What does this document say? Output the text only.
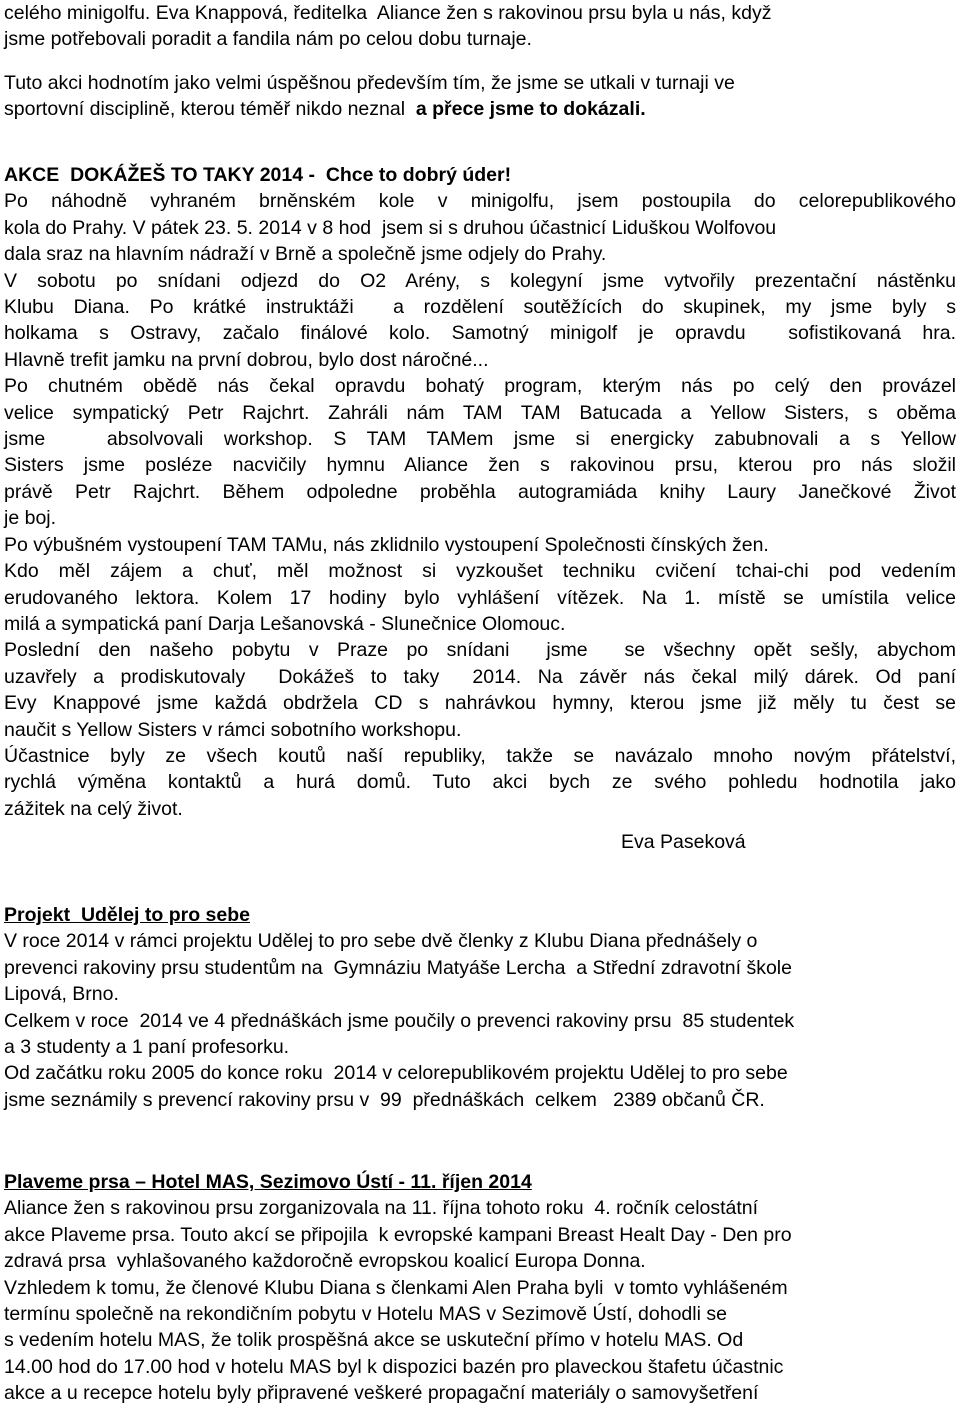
celého minigolfu. Eva Knappová, ředitelka  Aliance žen s rakovinou prsu byla u nás, když
jsme potřebovali poradit a fandila nám po celou dobu turnaje.
Tuto akci hodnotím jako velmi úspěšnou především tím, že jsme se utkali v turnaji ve
sportovní disciplině, kterou téměř nikdo neznal  a přece jsme to dokázali.
AKCE  DOKÁŽEŠ TO TAKY 2014 -  Chce to dobrý úder!
Po náhodně vyhraném brněnském kole v minigolfu, jsem postoupila do celorepublikového
kola do Prahy. V pátek 23. 5. 2014 v 8 hod  jsem si s druhou účastnicí Liduškou Wolfovou
dala sraz na hlavním nádraží v Brně a společně jsme odjely do Prahy.
V sobotu po snídani odjezd do O2 Arény, s kolegyní jsme vytvořily prezentační nástěnku
Klubu Diana. Po krátké instruktáži  a rozdělení soutěžících do skupinek, my jsme byly s
holkama s Ostravy, začalo finálové kolo. Samotný minigolf je opravdu  sofistikovaná hra.
Hlavně trefit jamku na první dobrou, bylo dost náročné...
Po chutném obědě nás čekal opravdu bohatý program, kterým nás po celý den provázel
velice sympatický Petr Rajchrt. Zahráli nám TAM TAM Batucada a Yellow Sisters, s oběma
jsme   absolvovali workshop. S TAM TAMem jsme si energicky zabubnovali a s Yellow
Sisters jsme posléze nacvičily hymnu Aliance žen s rakovinou prsu, kterou pro nás složil
právě Petr Rajchrt. Během odpoledne proběhla autogramiáda knihy Laury Janečkové Život
je boj.
Po výbušném vystoupení TAM TAMu, nás zklidnilo vystoupení Společnosti čínských žen.
Kdo měl zájem a chuť, měl možnost si vyzkoušet techniku cvičení tchai-chi pod vedením
erudovaného lektora. Kolem 17 hodiny bylo vyhlášení vítězek. Na 1. místě se umístila velice
milá a sympatická paní Darja Lešanovská - Slunečnice Olomouc.
Poslední den našeho pobytu v Praze po snídani  jsme  se všechny opět sešly, abychom
uzavřely a prodiskutovaly  Dokážeš to taky  2014. Na závěr nás čekal milý dárek. Od paní
Evy Knappové jsme každá obdržela CD s nahrávkou hymny, kterou jsme již měly tu čest se
naučit s Yellow Sisters v rámci sobotního workshopu.
Účastnice byly ze všech koutů naší republiky, takže se navázalo mnoho novým přátelství,
rychlá výměna kontaktů a hurá domů. Tuto akci bych ze svého pohledu hodnotila jako
zážitek na celý život.
Eva Paseková
Projekt  Udělej to pro sebe
V roce 2014 v rámci projektu Udělej to pro sebe dvě členky z Klubu Diana přednášely o
prevenci rakoviny prsu studentům na  Gymnáziu Matyáše Lercha  a Střední zdravotní škole
Lipová, Brno.
Celkem v roce  2014 ve 4 přednáškách jsme poučily o prevenci rakoviny prsu  85 studentek
a 3 studenty a 1 paní profesorku.
Od začátku roku 2005 do konce roku  2014 v celorepublikovém projektu Udělej to pro sebe
jsme seznámily s prevencí rakoviny prsu v  99  přednáškách  celkem   2389 občanů ČR.
Plaveme prsa – Hotel MAS, Sezimovo Ústí - 11. říjen 2014
Aliance žen s rakovinou prsu zorganizovala na 11. října tohoto roku  4. ročník celostátní
akce Plaveme prsa. Touto akcí se připojila  k evropské kampani Breast Healt Day - Den pro
zdravá prsa  vyhlašovaného každoročně evropskou koalicí Europa Donna.
Vzhledem k tomu, že členové Klubu Diana s členkami Alen Praha byli  v tomto vyhlášeném
termínu společně na rekondičním pobytu v Hotelu MAS v Sezimově Ústí, dohodli se
s vedením hotelu MAS, že tolik prospěšná akce se uskuteční přímo v hotelu MAS. Od
14.00 hod do 17.00 hod v hotelu MAS byl k dispozici bazén pro plaveckou štafetu účastnic
akce a u recepce hotelu byly připravené veškeré propagační materiály o samovyšetření
